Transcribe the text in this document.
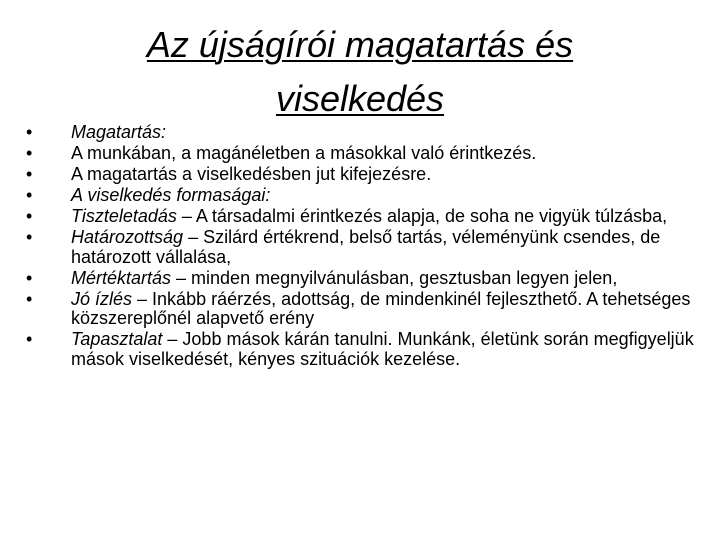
Az újságírói magatartás és
viselkedés
• Magatartás:
• A munkában, a magánéletben a másokkal való érintkezés.
• A magatartás a viselkedésben jut kifejezésre.
• A viselkedés formaságai:
• Tiszteletadás – A társadalmi érintkezés alapja, de soha ne vigyük túlzásba,
• Határozottság – Szilárd értékrend, belső tartás, véleményünk csendes, de határozott vállalása,
• Mértéktartás – minden megnyilvánulásban, gesztusban legyen jelen,
• Jó ízlés – Inkább ráérzés, adottság, de mindenkinél fejleszthető. A tehetséges közszereplőnél alapvető erény
• Tapasztalat – Jobb mások kárán tanulni. Munkánk, életünk során megfigyeljük mások viselkedését, kényes szituációk kezelése.
